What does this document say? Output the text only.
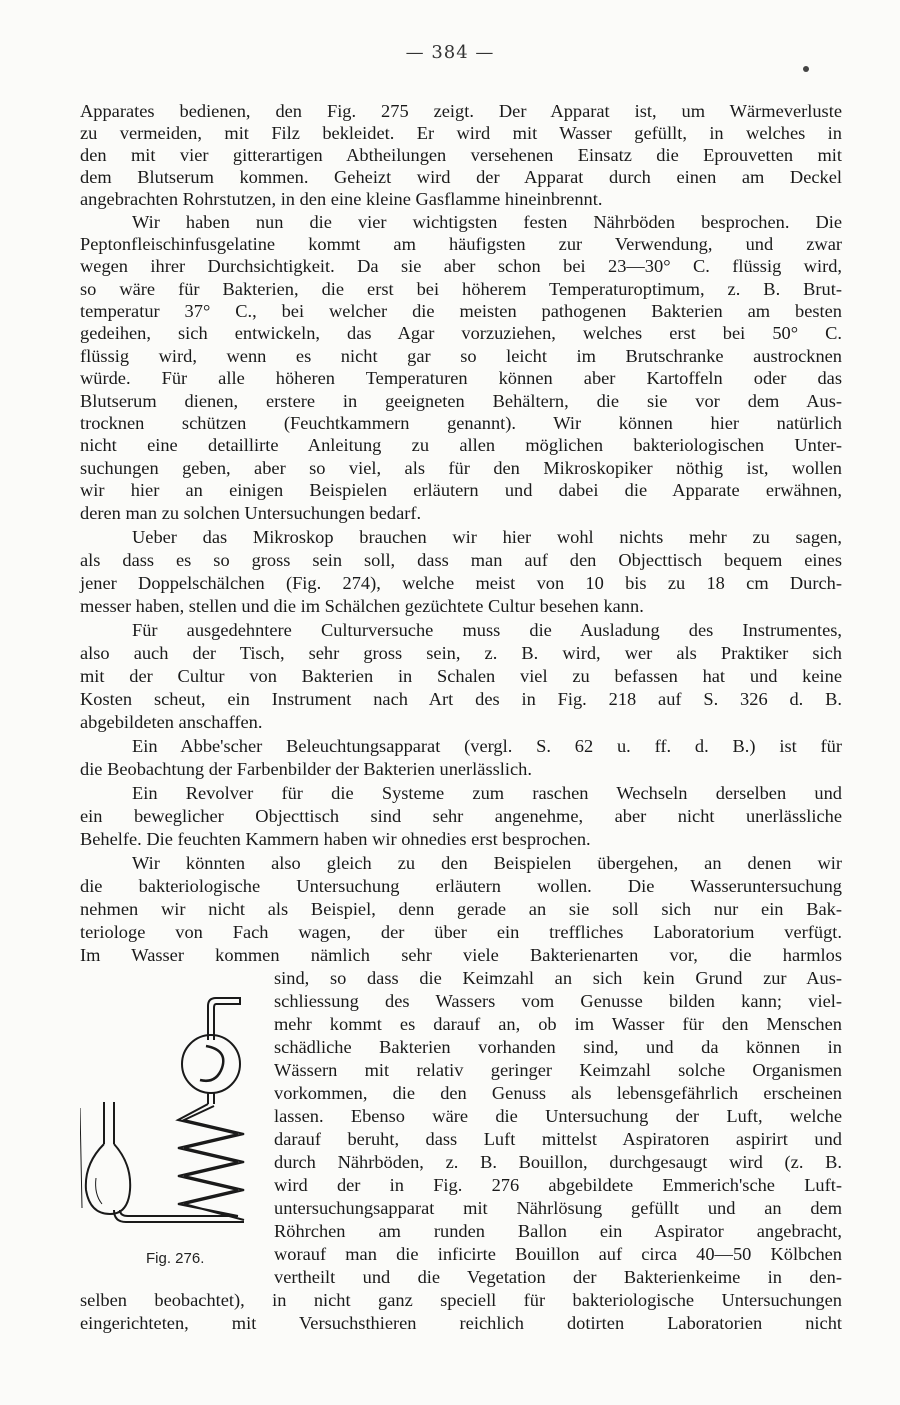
— 384 —
Apparates bedienen, den Fig. 275 zeigt. Der Apparat ist, um Wärmeverluste
zu vermeiden, mit Filz bekleidet. Er wird mit Wasser gefüllt, in welches in
den mit vier gitterartigen Abtheilungen versehenen Einsatz die Eprouvetten mit
dem Blutserum kommen. Geheizt wird der Apparat durch einen am Deckel
angebrachten Rohrstutzen, in den eine kleine Gasflamme hineinbrennt.
Wir haben nun die vier wichtigsten festen Nährböden besprochen. Die
Peptonfleischinfusgelatine kommt am häufigsten zur Verwendung, und zwar
wegen ihrer Durchsichtigkeit. Da sie aber schon bei 23—30° C. flüssig wird,
so wäre für Bakterien, die erst bei höherem Temperaturoptimum, z. B. Brut-
temperatur 37° C., bei welcher die meisten pathogenen Bakterien am besten
gedeihen, sich entwickeln, das Agar vorzuziehen, welches erst bei 50° C.
flüssig wird, wenn es nicht gar so leicht im Brutschranke austrocknen
würde. Für alle höheren Temperaturen können aber Kartoffeln oder das
Blutserum dienen, erstere in geeigneten Behältern, die sie vor dem Aus-
trocknen schützen (Feuchtkammern genannt). Wir können hier natürlich
nicht eine detaillirte Anleitung zu allen möglichen bakteriologischen Unter-
suchungen geben, aber so viel, als für den Mikroskopiker nöthig ist, wollen
wir hier an einigen Beispielen erläutern und dabei die Apparate erwähnen,
deren man zu solchen Untersuchungen bedarf.
Ueber das Mikroskop brauchen wir hier wohl nichts mehr zu sagen,
als dass es so gross sein soll, dass man auf den Objecttisch bequem eines
jener Doppelschälchen (Fig. 274), welche meist von 10 bis zu 18 cm Durch-
messer haben, stellen und die im Schälchen gezüchtete Cultur besehen kann.
Für ausgedehntere Culturversuche muss die Ausladung des Instrumentes,
also auch der Tisch, sehr gross sein, z. B. wird, wer als Praktiker sich
mit der Cultur von Bakterien in Schalen viel zu befassen hat und keine
Kosten scheut, ein Instrument nach Art des in Fig. 218 auf S. 326 d. B.
abgebildeten anschaffen.
Ein Abbe'scher Beleuchtungsapparat (vergl. S. 62 u. ff. d. B.) ist für
die Beobachtung der Farbenbilder der Bakterien unerlässlich.
Ein Revolver für die Systeme zum raschen Wechseln derselben und
ein beweglicher Objecttisch sind sehr angenehme, aber nicht unerlässliche
Behelfe. Die feuchten Kammern haben wir ohnedies erst besprochen.
Wir könnten also gleich zu den Beispielen übergehen, an denen wir
die bakteriologische Untersuchung erläutern wollen. Die Wasseruntersuchung
nehmen wir nicht als Beispiel, denn gerade an sie soll sich nur ein Bak-
teriologe von Fach wagen, der über ein treffliches Laboratorium verfügt.
Im Wasser kommen nämlich sehr viele Bakterienarten vor, die harmlos
sind, so dass die Keimzahl an sich kein Grund zur Aus-
schliessung des Wassers vom Genusse bilden kann; viel-
mehr kommt es darauf an, ob im Wasser für den Menschen
schädliche Bakterien vorhanden sind, und da können in
Wässern mit relativ geringer Keimzahl solche Organismen
vorkommen, die den Genuss als lebensgefährlich erscheinen
lassen. Ebenso wäre die Untersuchung der Luft, welche
darauf beruht, dass Luft mittelst Aspiratoren aspirirt und
durch Nährböden, z. B. Bouillon, durchgesaugt wird (z. B.
wird der in Fig. 276 abgebildete Emmerich'sche Luft-
untersuchungsapparat mit Nährlösung gefüllt und an dem
Röhrchen am runden Ballon ein Aspirator angebracht,
worauf man die inficirte Bouillon auf circa 40—50 Kölbchen
vertheilt und die Vegetation der Bakterienkeime in den-
selben beobachtet), in nicht ganz speciell für bakteriologische Untersuchungen
eingerichteten, mit Versuchsthieren reichlich dotirten Laboratorien nicht
Fig. 276.
